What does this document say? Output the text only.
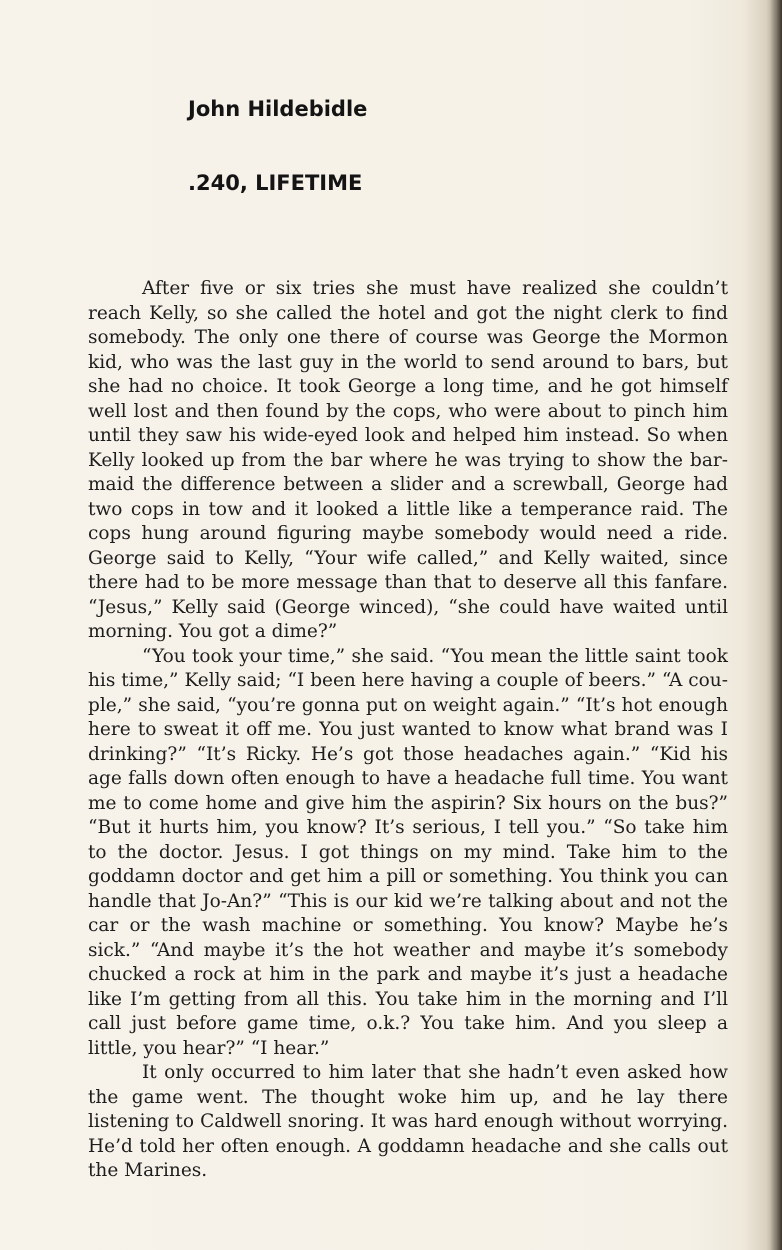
John Hildebidle
.240, LIFETIME

After five or six tries she must have realized she couldn’t reach Kelly, so she called the hotel and got the night clerk to find somebody. The only one there of course was George the Mormon kid, who was the last guy in the world to send around to bars, but she had no choice. It took George a long time, and he got himself well lost and then found by the cops, who were about to pinch him until they saw his wide-eyed look and helped him instead. So when Kelly looked up from the bar where he was trying to show the barmaid the difference between a slider and a screwball, George had two cops in tow and it looked a little like a temperance raid. The cops hung around figuring maybe somebody would need a ride. George said to Kelly, “Your wife called,” and Kelly waited, since there had to be more message than that to deserve all this fanfare. “Jesus,” Kelly said (George winced), “she could have waited until morning. You got a dime?”

“You took your time,” she said. “You mean the little saint took his time,” Kelly said; “I been here having a couple of beers.” “A couple,” she said, “you’re gonna put on weight again.” “It’s hot enough here to sweat it off me. You just wanted to know what brand was I drinking?” “It’s Ricky. He’s got those headaches again.” “Kid his age falls down often enough to have a headache full time. You want me to come home and give him the aspirin? Six hours on the bus?” “But it hurts him, you know? It’s serious, I tell you.” “So take him to the doctor. Jesus. I got things on my mind. Take him to the goddamn doctor and get him a pill or something. You think you can handle that Jo-An?” “This is our kid we’re talking about and not the car or the wash machine or something. You know? Maybe he’s sick.” “And maybe it’s the hot weather and maybe it’s somebody chucked a rock at him in the park and maybe it’s just a headache like I’m getting from all this. You take him in the morning and I’ll call just before game time, o.k.? You take him. And you sleep a little, you hear?” “I hear.”

It only occurred to him later that she hadn’t even asked how the game went. The thought woke him up, and he lay there listening to Caldwell snoring. It was hard enough without worrying. He’d told her often enough. A goddamn headache and she calls out the Marines.
